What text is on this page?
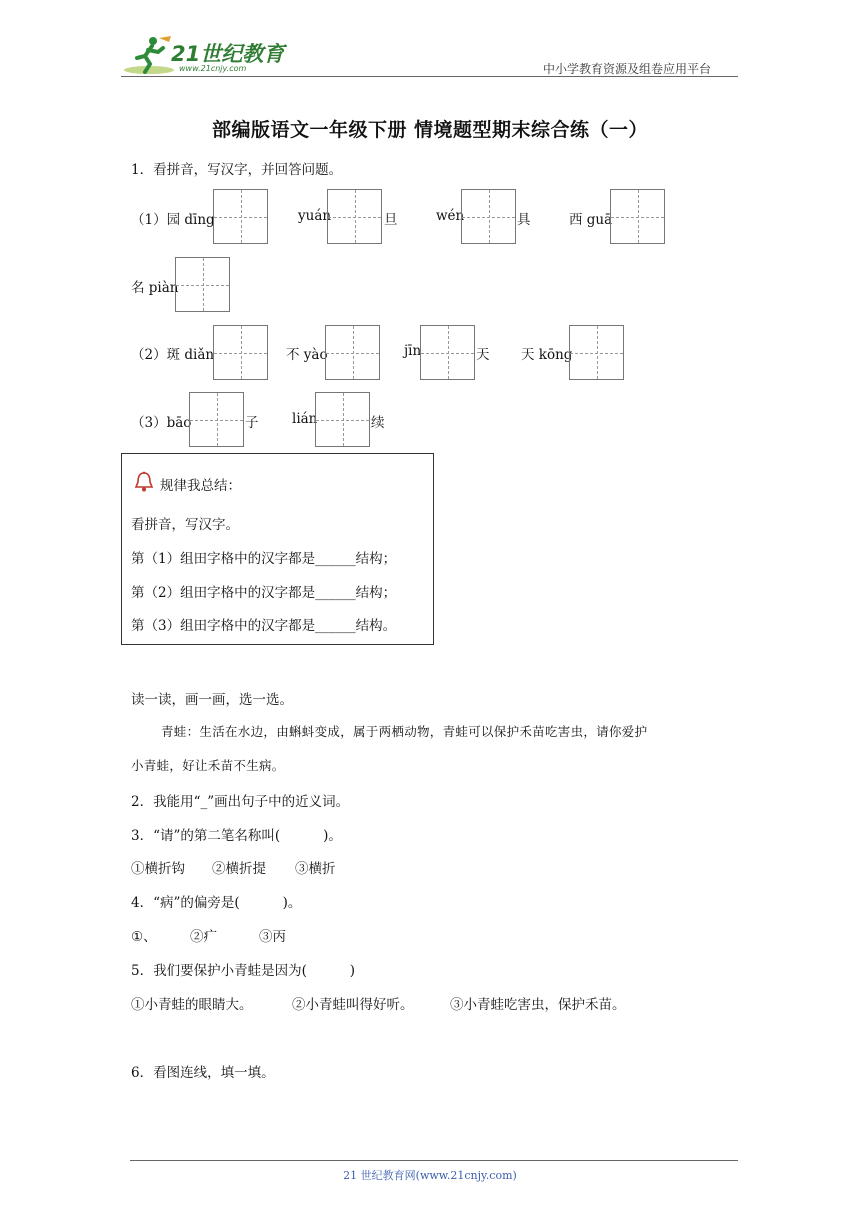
21世纪教育
www.21cnjy.com	中小学教育资源及组卷应用平台
部编版语文一年级下册 情境题型期末综合练（一）
1．看拼音，写汉字，并回答问题。
（1）园 dīng	yuán	旦	wén	具	西 guā
名 piàn
（2）斑 diǎn	不 yào	jīn	天 天 kōng
（3）bāo	子 lián	续
规律我总结：
看拼音，写汉字。
第（1）组田字格中的汉字都是______结构；
第（2）组田字格中的汉字都是______结构；
第（3）组田字格中的汉字都是______结构。
读一读，画一画，选一选。
青蛙：生活在水边，由蝌蚪变成，属于两栖动物，青蛙可以保护禾苗吃害虫，请你爱护
小青蛙，好让禾苗不生病。
2．我能用“_”画出句子中的近义词。
3．“请”的第二笔名称叫(          )。
①横折钩 ②横折提 ③横折
4．“病”的偏旁是(          )。
①、 ②疒	③丙
5．我们要保护小青蛙是因为(          )
①小青蛙的眼睛大。	②小青蛙叫得好听。	③小青蛙吃害虫，保护禾苗。
6．看图连线，填一填。
21 世纪教育网(www.21cnjy.com)
